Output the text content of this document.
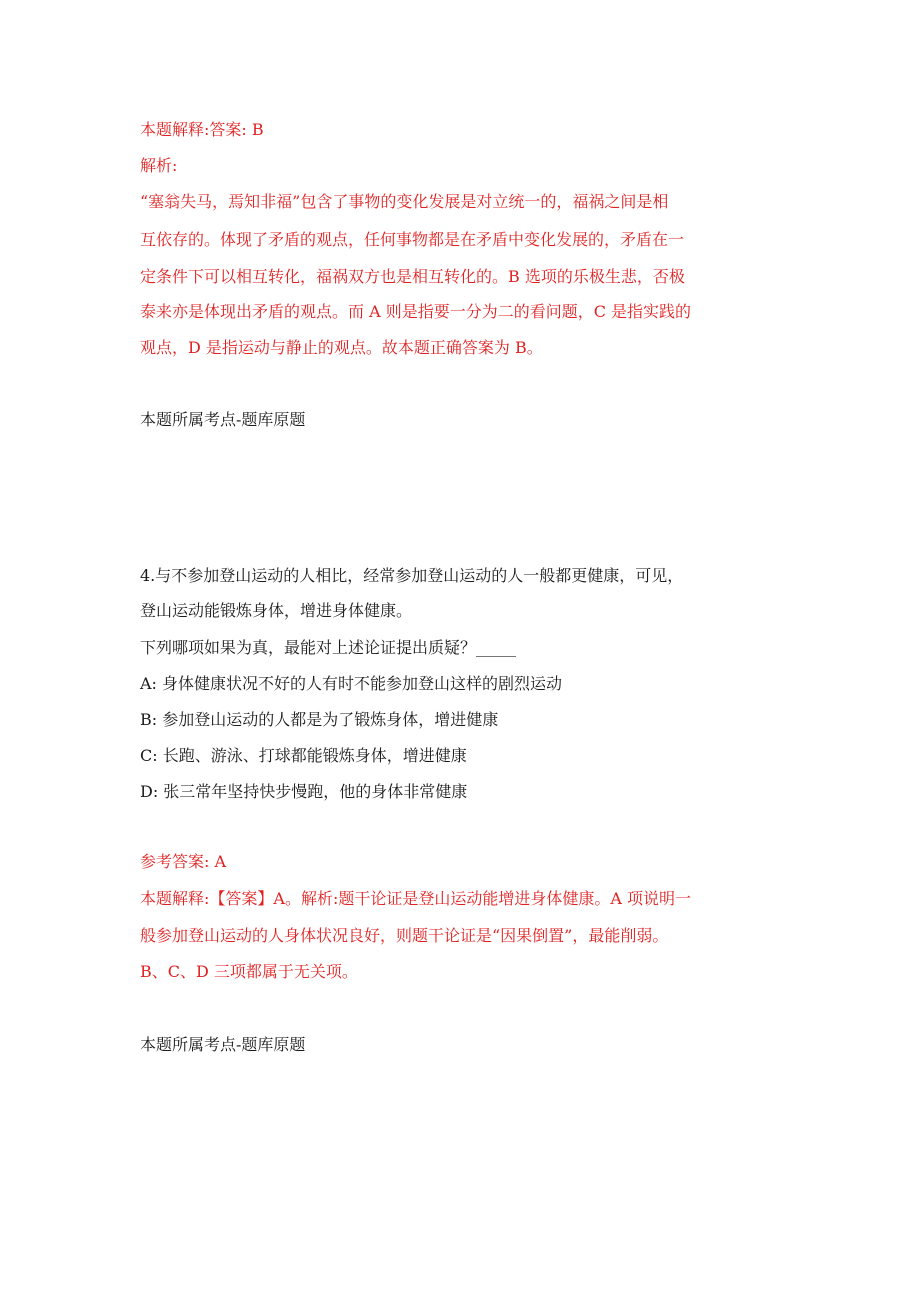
本题解释:答案: B

解析:

“塞翁失马，焉知非福”包含了事物的变化发展是对立统一的，福祸之间是相

互依存的。体现了矛盾的观点，任何事物都是在矛盾中变化发展的，矛盾在一

定条件下可以相互转化，福祸双方也是相互转化的。B 选项的乐极生悲，否极

泰来亦是体现出矛盾的观点。而 A 则是指要一分为二的看问题，C 是指实践的

观点，D 是指运动与静止的观点。故本题正确答案为 B。

本题所属考点-题库原题

4.与不参加登山运动的人相比，经常参加登山运动的人一般都更健康，可见，

登山运动能锻炼身体，增进身体健康。

下列哪项如果为真，最能对上述论证提出质疑？_____

A: 身体健康状况不好的人有时不能参加登山这样的剧烈运动

B: 参加登山运动的人都是为了锻炼身体，增进健康

C: 长跑、游泳、打球都能锻炼身体，增进健康

D: 张三常年坚持快步慢跑，他的身体非常健康

参考答案: A

本题解释:【答案】A。解析:题干论证是登山运动能增进身体健康。A 项说明一

般参加登山运动的人身体状况良好，则题干论证是“因果倒置”，最能削弱。

B、C、D 三项都属于无关项。

本题所属考点-题库原题
